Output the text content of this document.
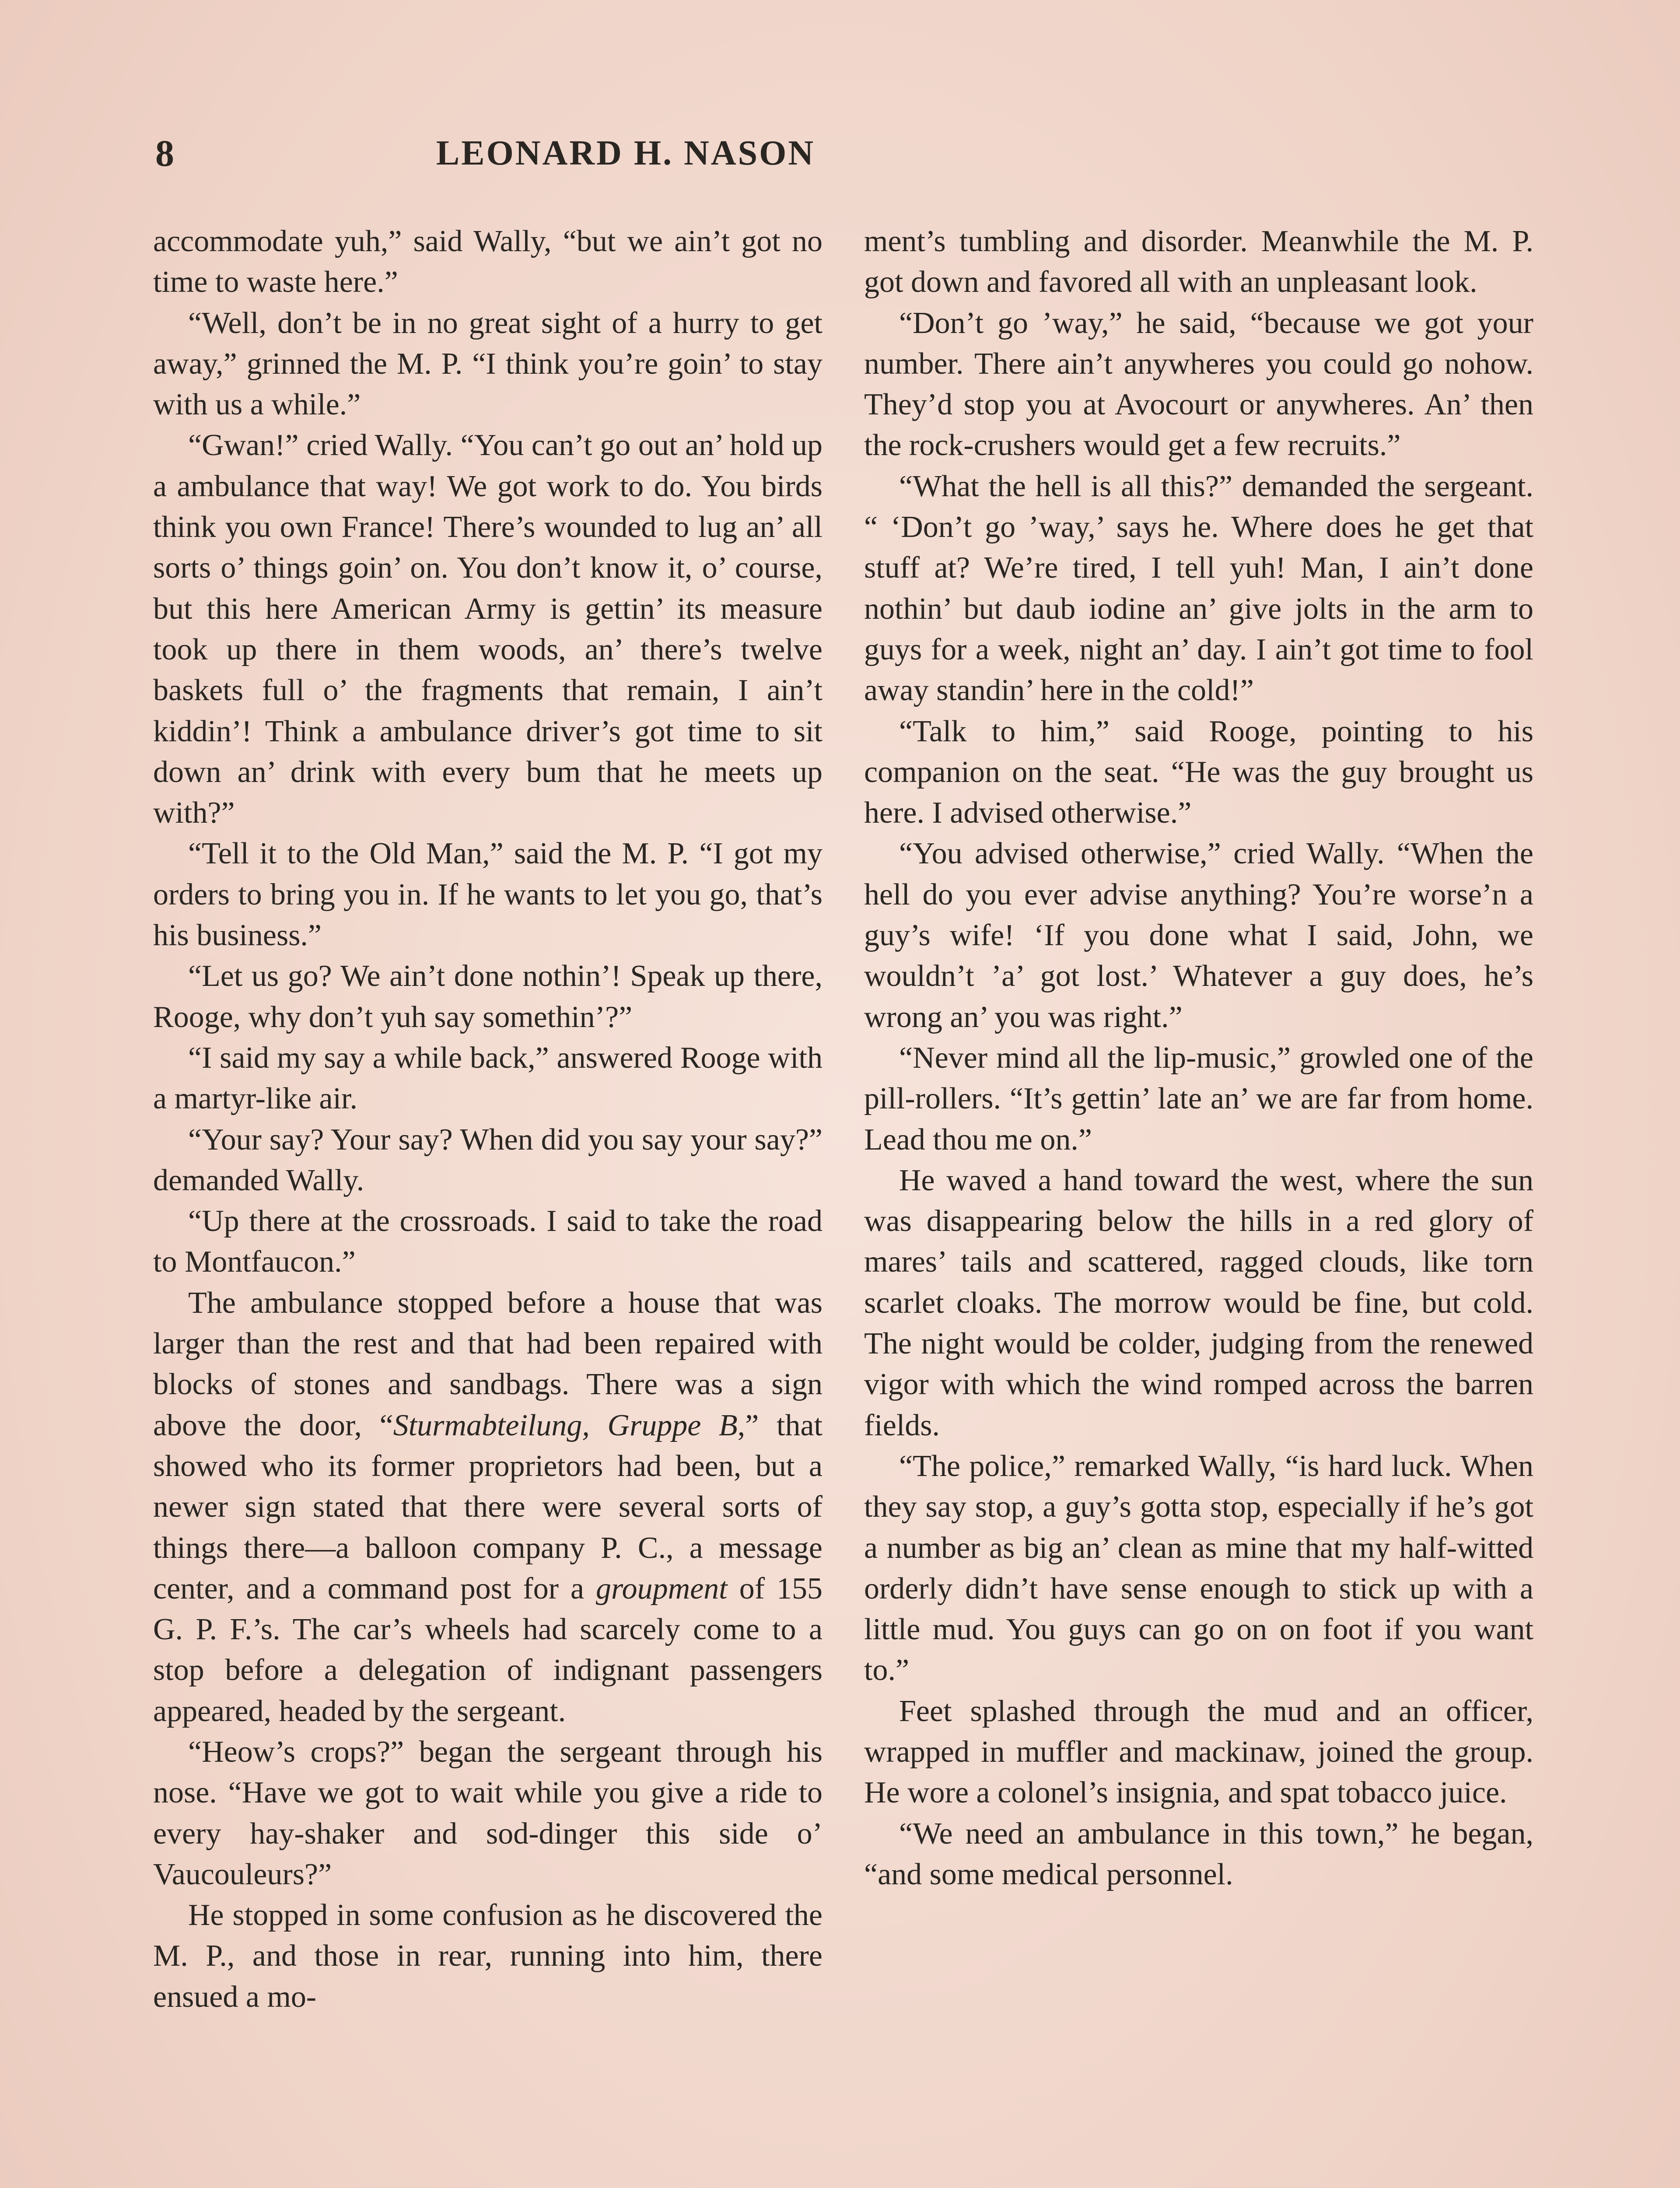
8	LEONARD H. NASON

accommodate yuh,” said Wally, “but we ain’t got no time to waste here.”

“Well, don’t be in no great sight of a hurry to get away,” grinned the M. P. “I think you’re goin’ to stay with us a while.”

“Gwan!” cried Wally. “You can’t go out an’ hold up a ambulance that way! We got work to do. You birds think you own France! There’s wounded to lug an’ all sorts o’ things goin’ on. You don’t know it, o’ course, but this here American Army is gettin’ its measure took up there in them woods, an’ there’s twelve baskets full o’ the fragments that remain, I ain’t kiddin’! Think a ambulance driver’s got time to sit down an’ drink with every bum that he meets up with?”

“Tell it to the Old Man,” said the M. P. “I got my orders to bring you in. If he wants to let you go, that’s his business.”

“Let us go? We ain’t done nothin’! Speak up there, Rooge, why don’t yuh say somethin’?”

“I said my say a while back,” answered Rooge with a martyr-like air.

“Your say? Your say? When did you say your say?” demanded Wally.

“Up there at the crossroads. I said to take the road to Montfaucon.”

The ambulance stopped before a house that was larger than the rest and that had been repaired with blocks of stones and sandbags. There was a sign above the door, “Sturmabteilung, Gruppe B,” that showed who its former proprietors had been, but a newer sign stated that there were several sorts of things there—a balloon company P. C., a message center, and a command post for a groupment of 155 G. P. F.’s. The car’s wheels had scarcely come to a stop before a delegation of indignant passengers appeared, headed by the sergeant.

“Heow’s crops?” began the sergeant through his nose. “Have we got to wait while you give a ride to every hay-shaker and sod-dinger this side o’ Vaucouleurs?”

He stopped in some confusion as he discovered the M. P., and those in rear, running into him, there ensued a mo-

ment’s tumbling and disorder. Meanwhile the M. P. got down and favored all with an unpleasant look.

“Don’t go ’way,” he said, “because we got your number. There ain’t anywheres you could go nohow. They’d stop you at Avocourt or anywheres. An’ then the rock-crushers would get a few recruits.”

“What the hell is all this?” demanded the sergeant. “ ‘Don’t go ’way,’ says he. Where does he get that stuff at? We’re tired, I tell yuh! Man, I ain’t done nothin’ but daub iodine an’ give jolts in the arm to guys for a week, night an’ day. I ain’t got time to fool away standin’ here in the cold!”

“Talk to him,” said Rooge, pointing to his companion on the seat. “He was the guy brought us here. I advised otherwise.”

“You advised otherwise,” cried Wally. “When the hell do you ever advise anything? You’re worse’n a guy’s wife! ‘If you done what I said, John, we wouldn’t ’a’ got lost.’ Whatever a guy does, he’s wrong an’ you was right.”

“Never mind all the lip-music,” growled one of the pill-rollers. “It’s gettin’ late an’ we are far from home. Lead thou me on.”

He waved a hand toward the west, where the sun was disappearing below the hills in a red glory of mares’ tails and scattered, ragged clouds, like torn scarlet cloaks. The morrow would be fine, but cold. The night would be colder, judging from the renewed vigor with which the wind romped across the barren fields.

“The police,” remarked Wally, “is hard luck. When they say stop, a guy’s gotta stop, especially if he’s got a number as big an’ clean as mine that my half-witted orderly didn’t have sense enough to stick up with a little mud. You guys can go on on foot if you want to.”

Feet splashed through the mud and an officer, wrapped in muffler and mackinaw, joined the group. He wore a colonel’s insignia, and spat tobacco juice.

“We need an ambulance in this town,” he began, “and some medical personnel.
